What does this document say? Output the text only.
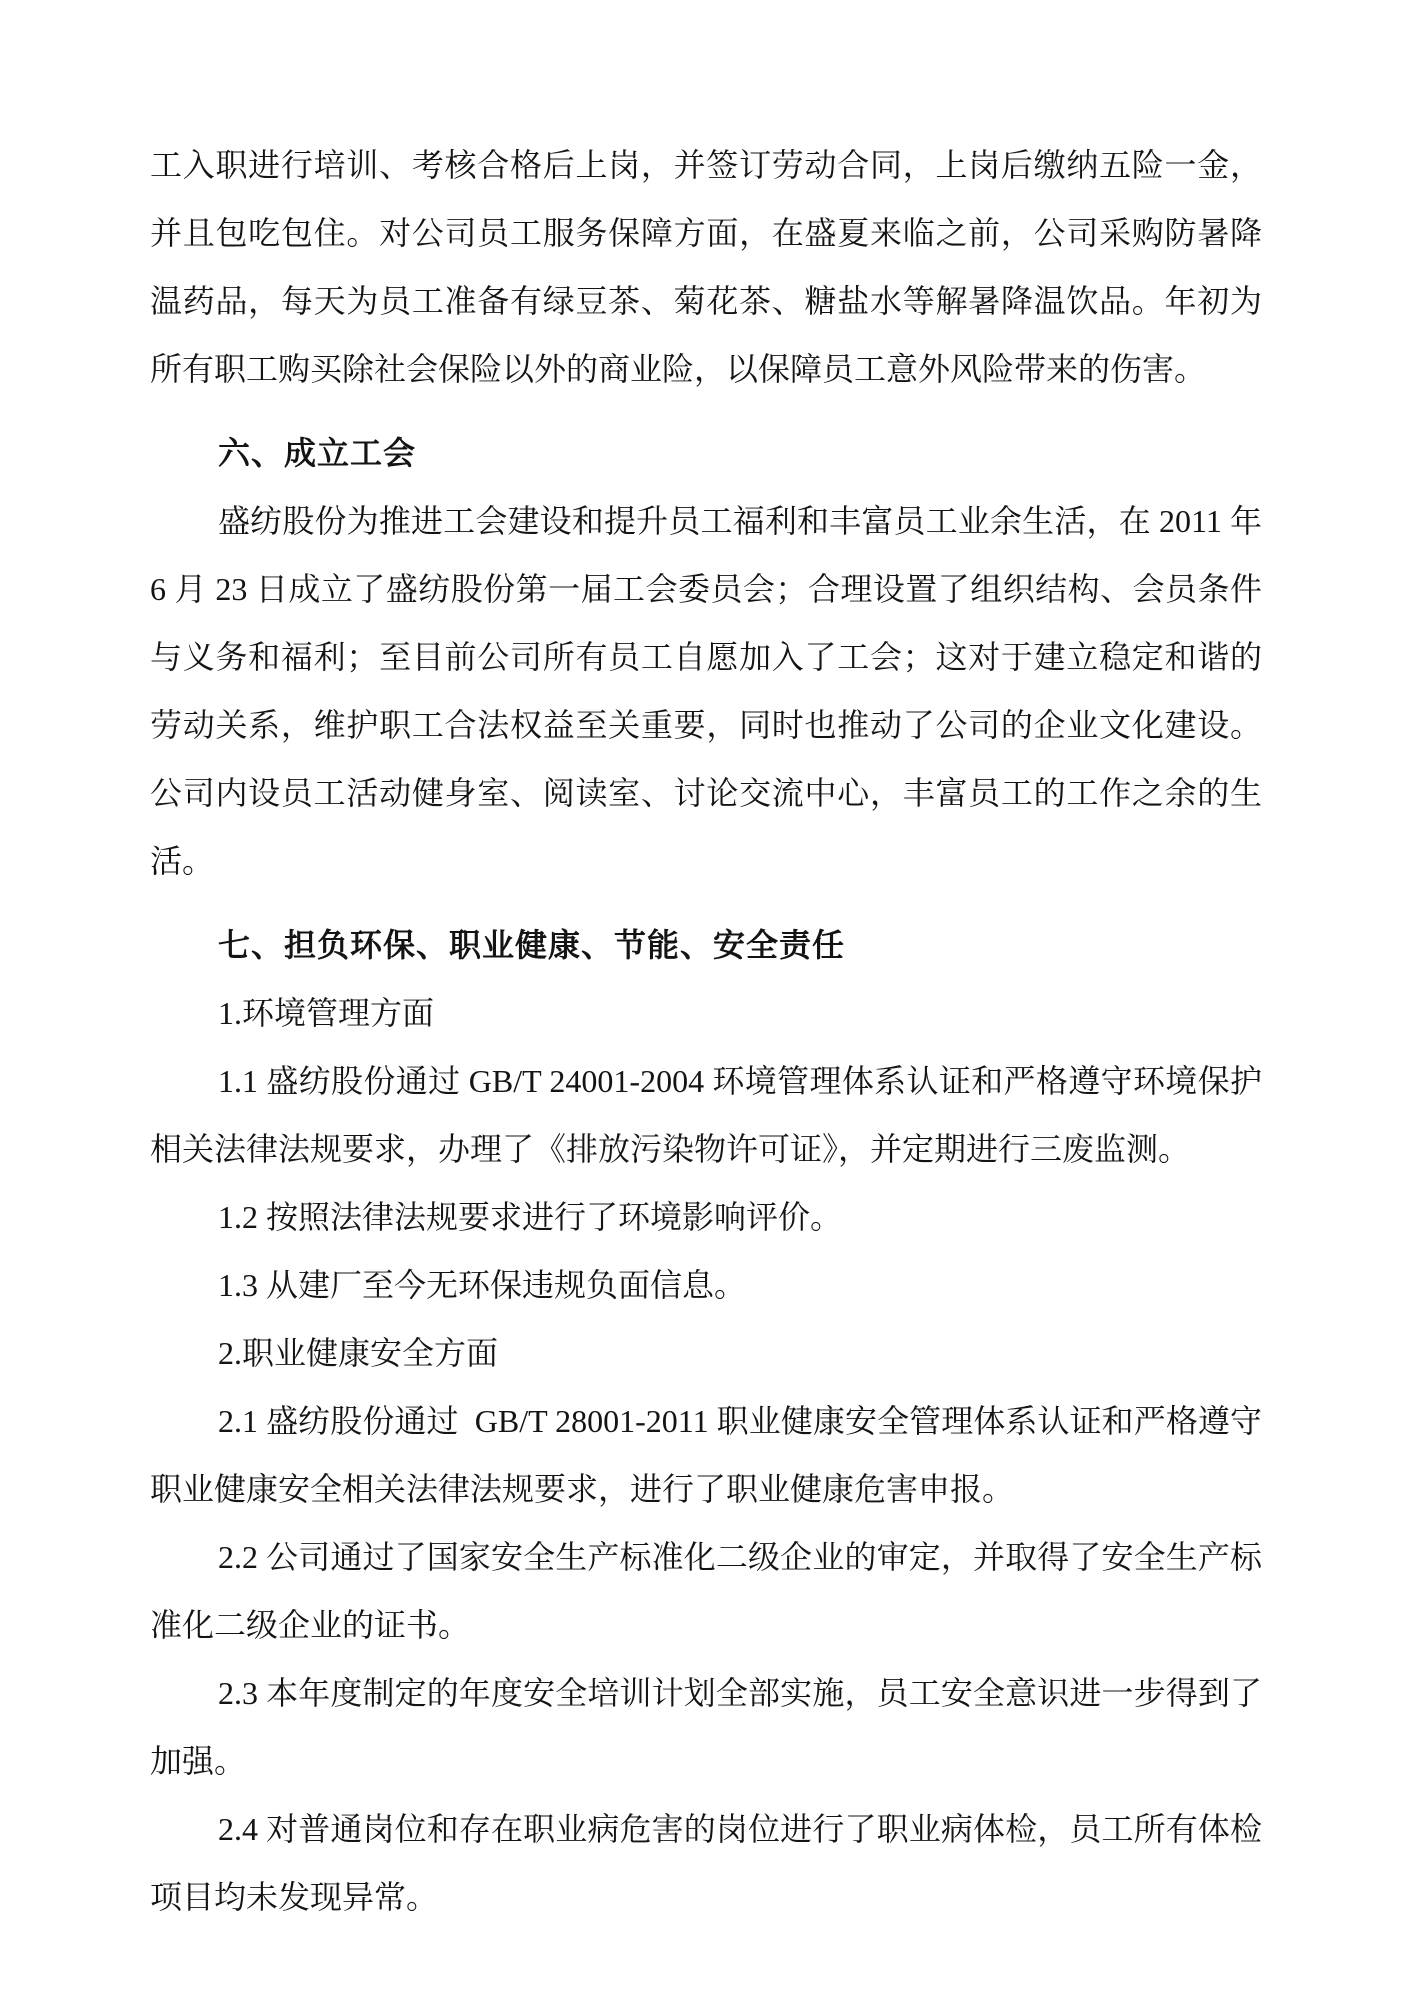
工入职进行培训、考核合格后上岗，并签订劳动合同，上岗后缴纳五险一金，并且包吃包住。对公司员工服务保障方面，在盛夏来临之前，公司采购防暑降温药品，每天为员工准备有绿豆茶、菊花茶、糖盐水等解暑降温饮品。年初为所有职工购买除社会保险以外的商业险，以保障员工意外风险带来的伤害。

六、成立工会

盛纺股份为推进工会建设和提升员工福利和丰富员工业余生活，在 2011 年 6 月 23 日成立了盛纺股份第一届工会委员会；合理设置了组织结构、会员条件与义务和福利；至目前公司所有员工自愿加入了工会；这对于建立稳定和谐的劳动关系，维护职工合法权益至关重要，同时也推动了公司的企业文化建设。公司内设员工活动健身室、阅读室、讨论交流中心，丰富员工的工作之余的生活。

七、担负环保、职业健康、节能、安全责任

1.环境管理方面

1.1 盛纺股份通过 GB/T 24001-2004 环境管理体系认证和严格遵守环境保护相关法律法规要求，办理了《排放污染物许可证》，并定期进行三废监测。

1.2 按照法律法规要求进行了环境影响评价。

1.3 从建厂至今无环保违规负面信息。

2.职业健康安全方面

2.1 盛纺股份通过  GB/T 28001-2011 职业健康安全管理体系认证和严格遵守职业健康安全相关法律法规要求，进行了职业健康危害申报。

2.2 公司通过了国家安全生产标准化二级企业的审定，并取得了安全生产标准化二级企业的证书。

2.3 本年度制定的年度安全培训计划全部实施，员工安全意识进一步得到了加强。

2.4 对普通岗位和存在职业病危害的岗位进行了职业病体检，员工所有体检项目均未发现异常。
